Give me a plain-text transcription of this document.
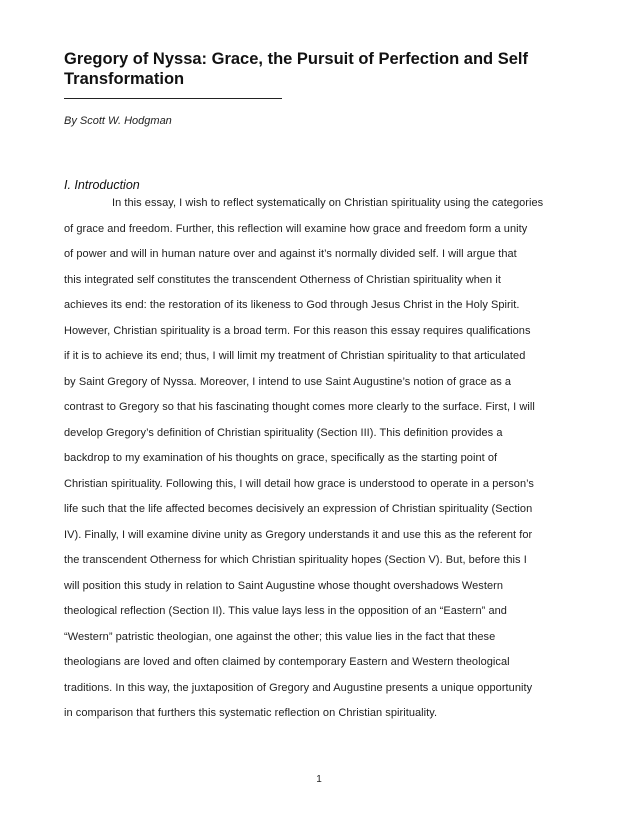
Gregory of Nyssa: Grace, the Pursuit of Perfection and Self Transformation
By Scott W. Hodgman
I. Introduction
In this essay, I wish to reflect systematically on Christian spirituality using the categories
of grace and freedom. Further, this reflection will examine how grace and freedom form a unity
of power and will in human nature over and against it’s normally divided self. I will argue that
this integrated self constitutes the transcendent Otherness of Christian spirituality when it
achieves its end: the restoration of its likeness to God through Jesus Christ in the Holy Spirit.
However, Christian spirituality is a broad term. For this reason this essay requires qualifications
if it is to achieve its end; thus, I will limit my treatment of Christian spirituality to that articulated
by Saint Gregory of Nyssa. Moreover, I intend to use Saint Augustine’s notion of grace as a
contrast to Gregory so that his fascinating thought comes more clearly to the surface. First, I will
develop Gregory’s definition of Christian spirituality (Section III). This definition provides a
backdrop to my examination of his thoughts on grace, specifically as the starting point of
Christian spirituality. Following this, I will detail how grace is understood to operate in a person’s
life such that the life affected becomes decisively an expression of Christian spirituality (Section
IV). Finally, I will examine divine unity as Gregory understands it and use this as the referent for
the transcendent Otherness for which Christian spirituality hopes (Section V). But, before this I
will position this study in relation to Saint Augustine whose thought overshadows Western
theological reflection (Section II). This value lays less in the opposition of an “Eastern” and
“Western” patristic theologian, one against the other; this value lies in the fact that these
theologians are loved and often claimed by contemporary Eastern and Western theological
traditions. In this way, the juxtaposition of Gregory and Augustine presents a unique opportunity
in comparison that furthers this systematic reflection on Christian spirituality.
1
